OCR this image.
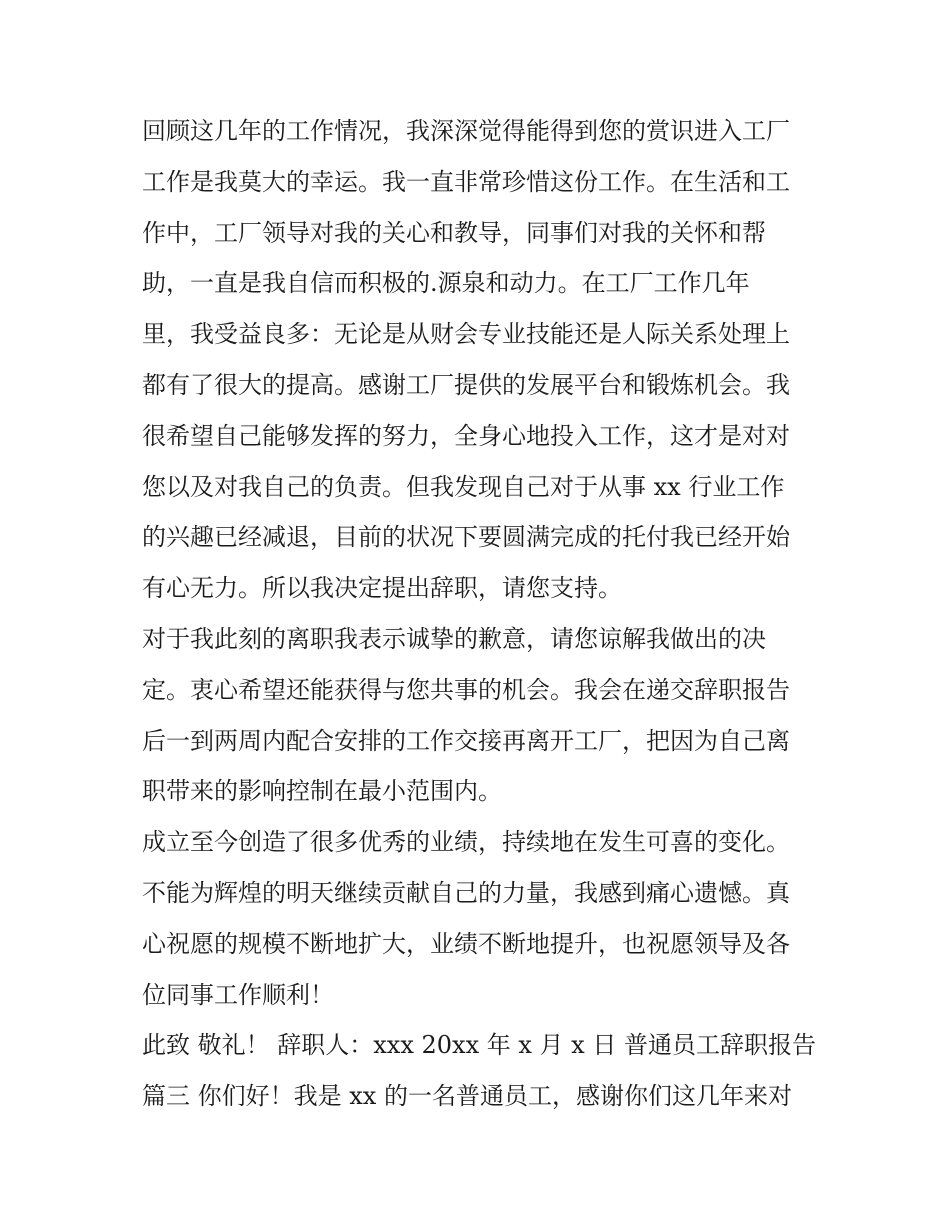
回顾这几年的工作情况，我深深觉得能得到您的赏识进入工厂
工作是我莫大的幸运。我一直非常珍惜这份工作。在生活和工
作中，工厂领导对我的关心和教导，同事们对我的关怀和帮
助，一直是我自信而积极的.源泉和动力。在工厂工作几年
里，我受益良多：无论是从财会专业技能还是人际关系处理上
都有了很大的提高。感谢工厂提供的发展平台和锻炼机会。我
很希望自己能够发挥的努力，全身心地投入工作，这才是对对
您以及对我自己的负责。但我发现自己对于从事 xx 行业工作
的兴趣已经减退，目前的状况下要圆满完成的托付我已经开始
有心无力。所以我决定提出辞职，请您支持。
对于我此刻的离职我表示诚挚的歉意，请您谅解我做出的决
定。衷心希望还能获得与您共事的机会。我会在递交辞职报告
后一到两周内配合安排的工作交接再离开工厂，把因为自己离
职带来的影响控制在最小范围内。
成立至今创造了很多优秀的业绩，持续地在发生可喜的变化。
不能为辉煌的明天继续贡献自己的力量，我感到痛心遗憾。真
心祝愿的规模不断地扩大，业绩不断地提升，也祝愿领导及各
位同事工作顺利！
此致 敬礼！ 辞职人：xxx 20xx 年 x 月 x 日 普通员工辞职报告
篇三 你们好！我是 xx 的一名普通员工，感谢你们这几年来对
